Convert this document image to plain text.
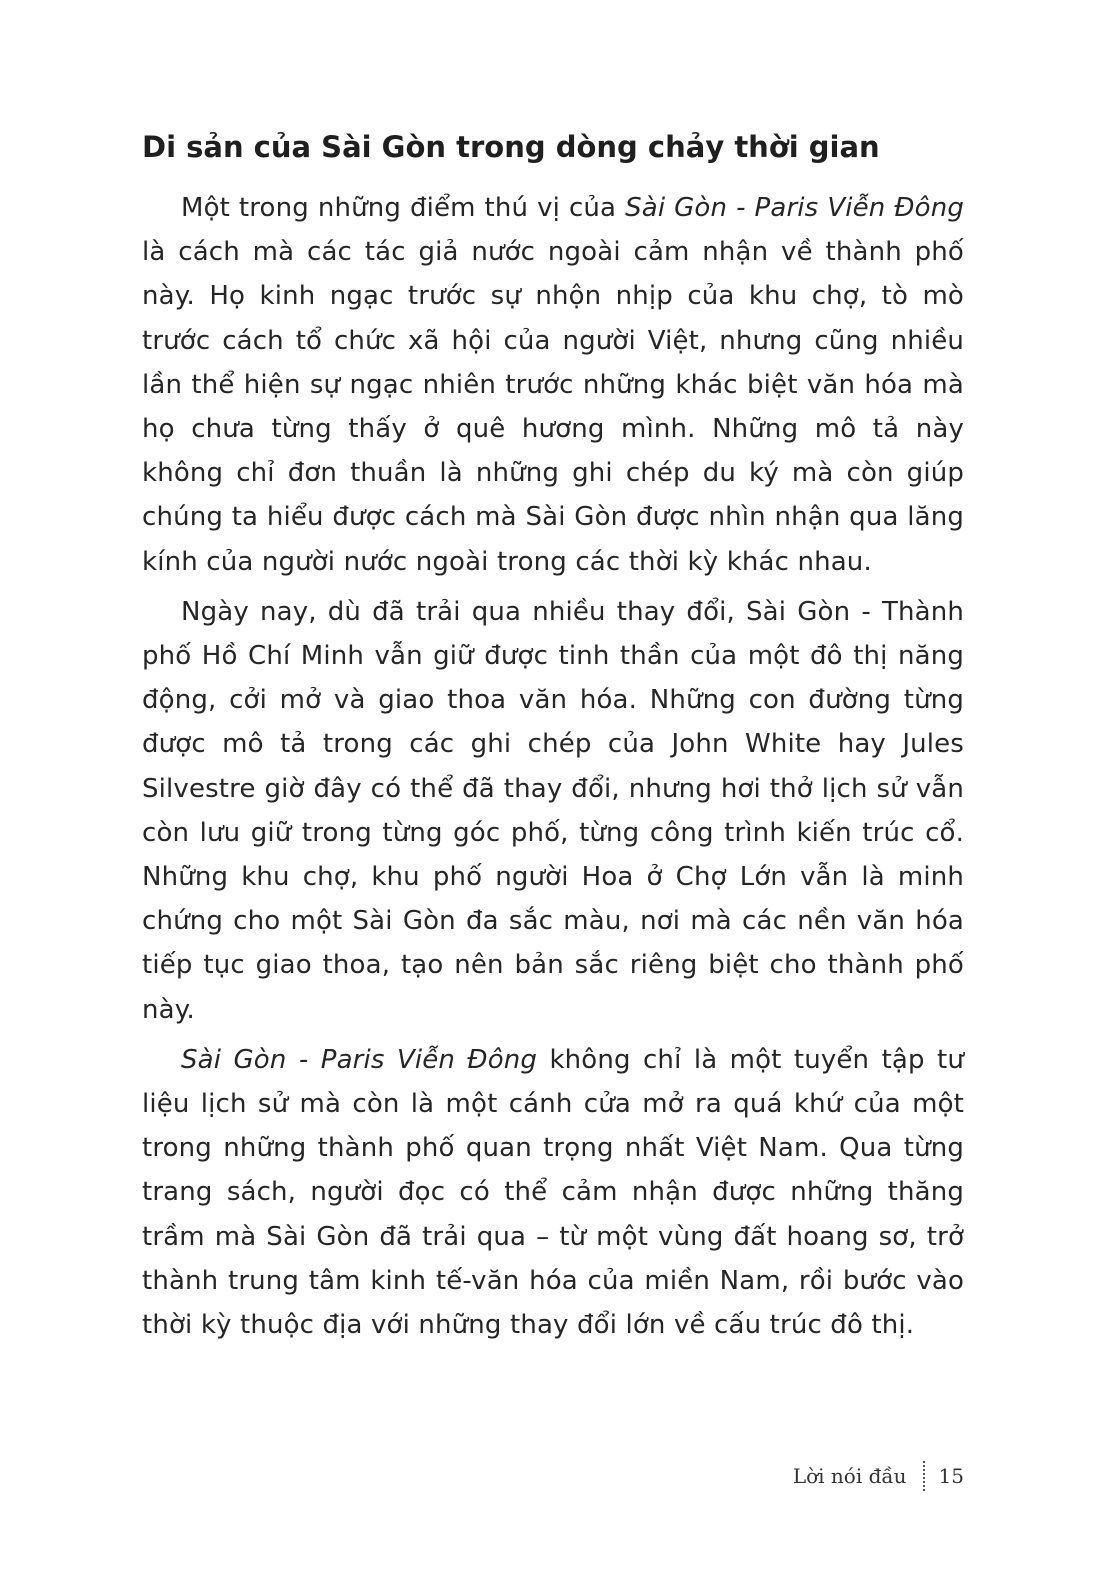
Di sản của Sài Gòn trong dòng chảy thời gian

Một trong những điểm thú vị của Sài Gòn - Paris Viễn Đông là cách mà các tác giả nước ngoài cảm nhận về thành phố này. Họ kinh ngạc trước sự nhộn nhịp của khu chợ, tò mò trước cách tổ chức xã hội của người Việt, nhưng cũng nhiều lần thể hiện sự ngạc nhiên trước những khác biệt văn hóa mà họ chưa từng thấy ở quê hương mình. Những mô tả này không chỉ đơn thuần là những ghi chép du ký mà còn giúp chúng ta hiểu được cách mà Sài Gòn được nhìn nhận qua lăng kính của người nước ngoài trong các thời kỳ khác nhau.

Ngày nay, dù đã trải qua nhiều thay đổi, Sài Gòn - Thành phố Hồ Chí Minh vẫn giữ được tinh thần của một đô thị năng động, cởi mở và giao thoa văn hóa. Những con đường từng được mô tả trong các ghi chép của John White hay Jules Silvestre giờ đây có thể đã thay đổi, nhưng hơi thở lịch sử vẫn còn lưu giữ trong từng góc phố, từng công trình kiến trúc cổ. Những khu chợ, khu phố người Hoa ở Chợ Lớn vẫn là minh chứng cho một Sài Gòn đa sắc màu, nơi mà các nền văn hóa tiếp tục giao thoa, tạo nên bản sắc riêng biệt cho thành phố này.

Sài Gòn - Paris Viễn Đông không chỉ là một tuyển tập tư liệu lịch sử mà còn là một cánh cửa mở ra quá khứ của một trong những thành phố quan trọng nhất Việt Nam. Qua từng trang sách, người đọc có thể cảm nhận được những thăng trầm mà Sài Gòn đã trải qua – từ một vùng đất hoang sơ, trở thành trung tâm kinh tế-văn hóa của miền Nam, rồi bước vào thời kỳ thuộc địa với những thay đổi lớn về cấu trúc đô thị.

Lời nói đầu 15
